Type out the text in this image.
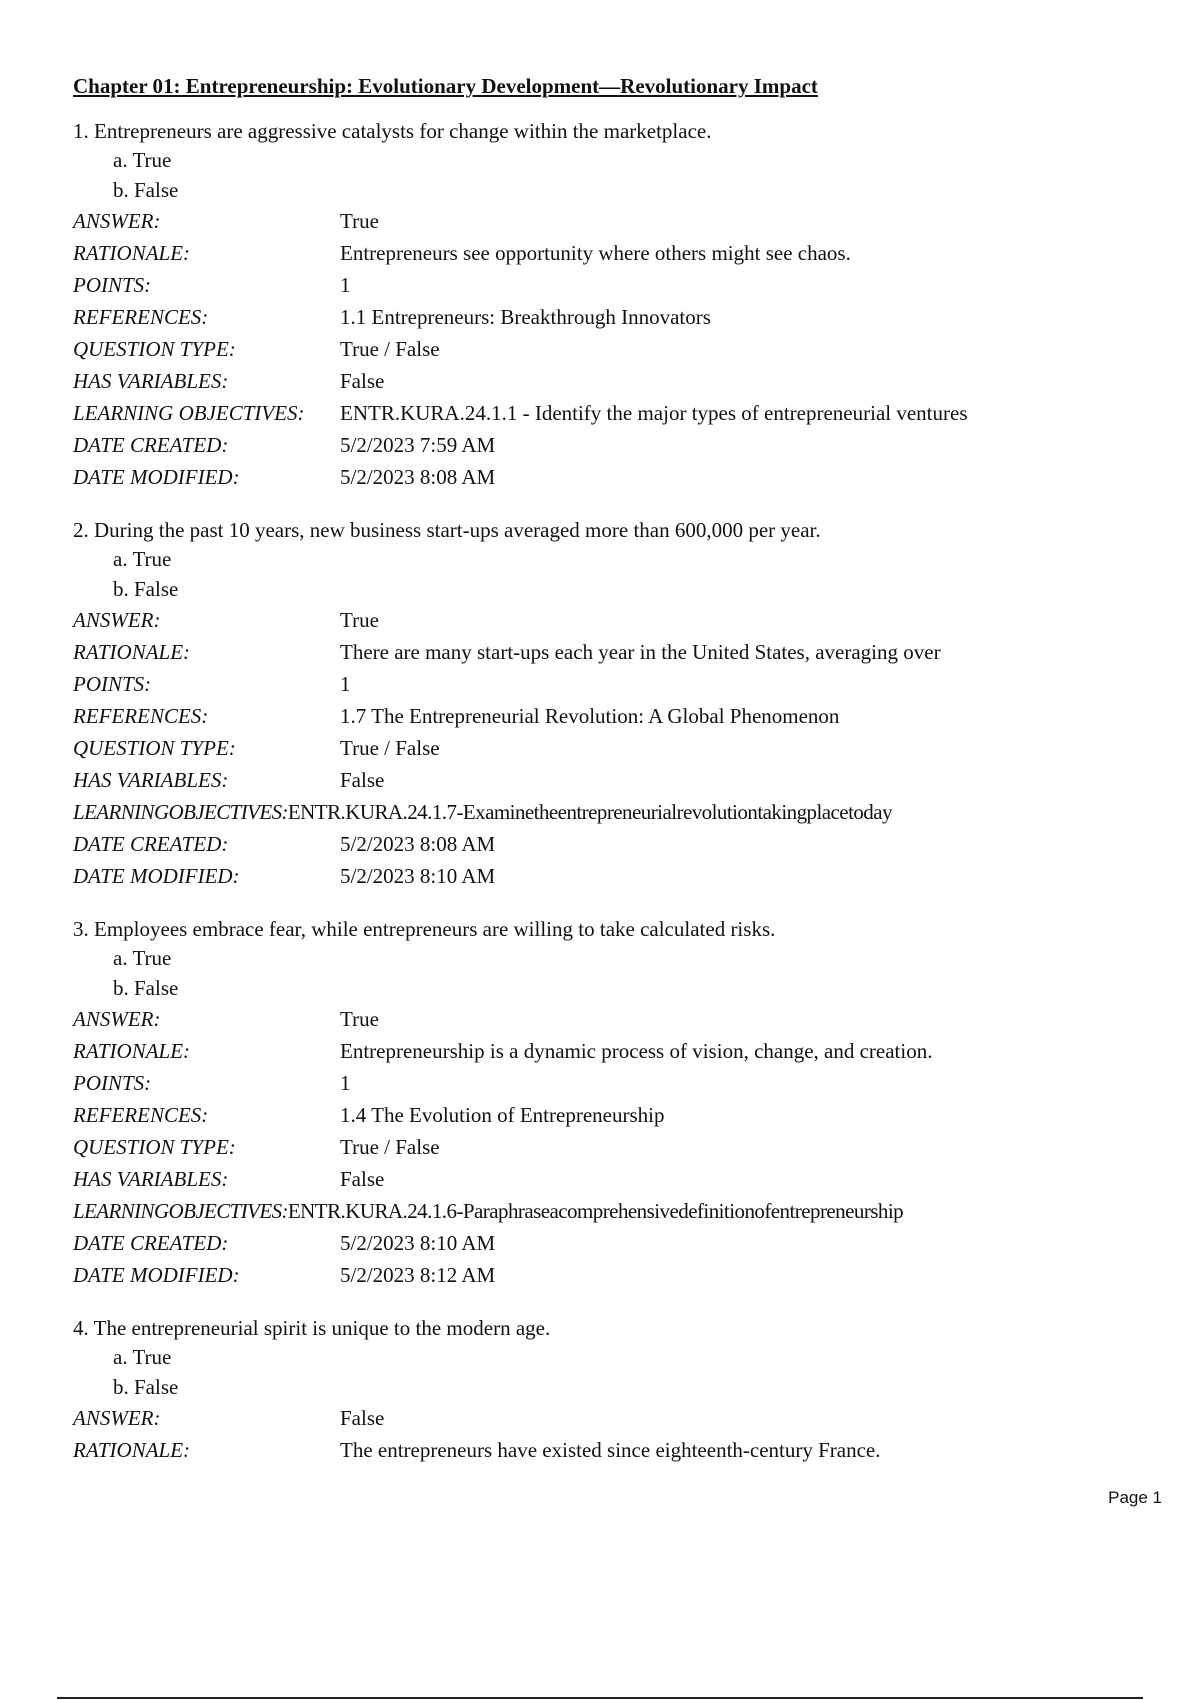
Chapter 01: Entrepreneurship: Evolutionary Development—Revolutionary Impact
1. Entrepreneurs are aggressive catalysts for change within the marketplace.
a. True
b. False
ANSWER:	True
RATIONALE:	Entrepreneurs see opportunity where others might see chaos.
POINTS:	1
REFERENCES:	1.1 Entrepreneurs: Breakthrough Innovators
QUESTION TYPE:	True / False
HAS VARIABLES:	False
LEARNING OBJECTIVES:	ENTR.KURA.24.1.1 - Identify the major types of entrepreneurial ventures
DATE CREATED:	5/2/2023 7:59 AM
DATE MODIFIED:	5/2/2023 8:08 AM
2. During the past 10 years, new business start-ups averaged more than 600,000 per year.
a. True
b. False
ANSWER:	True
RATIONALE:	There are many start-ups each year in the United States, averaging over
POINTS:	1
REFERENCES:	1.7 The Entrepreneurial Revolution: A Global Phenomenon
QUESTION TYPE:	True / False
HAS VARIABLES:	False
LEARNINGOBJECTIVES: ENTR.KURA.24.1.7-Examinetheentrepreneurialrevolutiontakingplacetoday
DATE CREATED:	5/2/2023 8:08 AM
DATE MODIFIED:	5/2/2023 8:10 AM
3. Employees embrace fear, while entrepreneurs are willing to take calculated risks.
a. True
b. False
ANSWER:	True
RATIONALE:	Entrepreneurship is a dynamic process of vision, change, and creation.
POINTS:	1
REFERENCES:	1.4 The Evolution of Entrepreneurship
QUESTION TYPE:	True / False
HAS VARIABLES:	False
LEARNINGOBJECTIVES: ENTR.KURA.24.1.6-Paraphraseacomprehensivedefinitionofentrepreneurship
DATE CREATED:	5/2/2023 8:10 AM
DATE MODIFIED:	5/2/2023 8:12 AM
4. The entrepreneurial spirit is unique to the modern age.
a. True
b. False
ANSWER:	False
RATIONALE:	The entrepreneurs have existed since eighteenth-century France.
Page 1
